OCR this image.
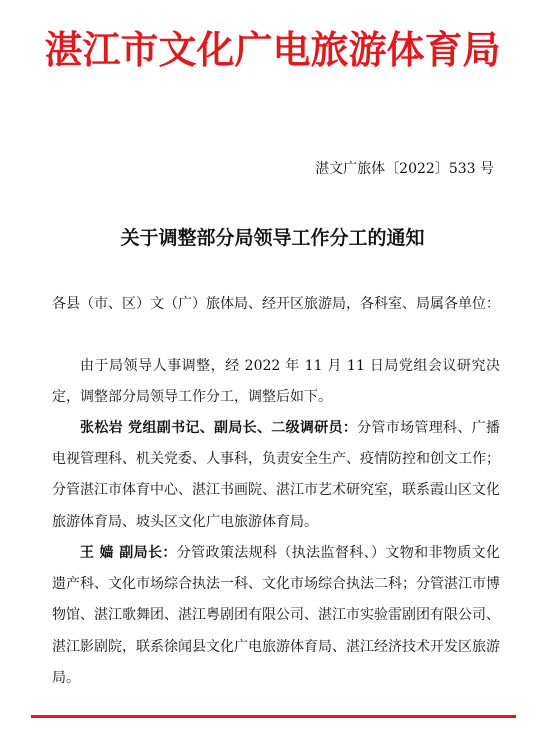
湛江市文化广电旅游体育局
湛文广旅体〔2022〕533 号
关于调整部分局领导工作分工的通知

各县（市、区）文（广）旅体局、经开区旅游局，各科室、局属各单位：

由于局领导人事调整，经 2022 年 11 月 11 日局党组会议研究决定，调整部分局领导工作分工，调整后如下。

张松岩 党组副书记、副局长、二级调研员：分管市场管理科、广播电视管理科、机关党委、人事科，负责安全生产、疫情防控和创文工作；分管湛江市体育中心、湛江书画院、湛江市艺术研究室，联系霞山区文化旅游体育局、坡头区文化广电旅游体育局。

王 嫱 副局长：分管政策法规科（执法监督科、）文物和非物质文化遗产科、文化市场综合执法一科、文化市场综合执法二科；分管湛江市博物馆、湛江歌舞团、湛江粤剧团有限公司、湛江市实验雷剧团有限公司、湛江影剧院，联系徐闻县文化广电旅游体育局、湛江经济技术开发区旅游局。
